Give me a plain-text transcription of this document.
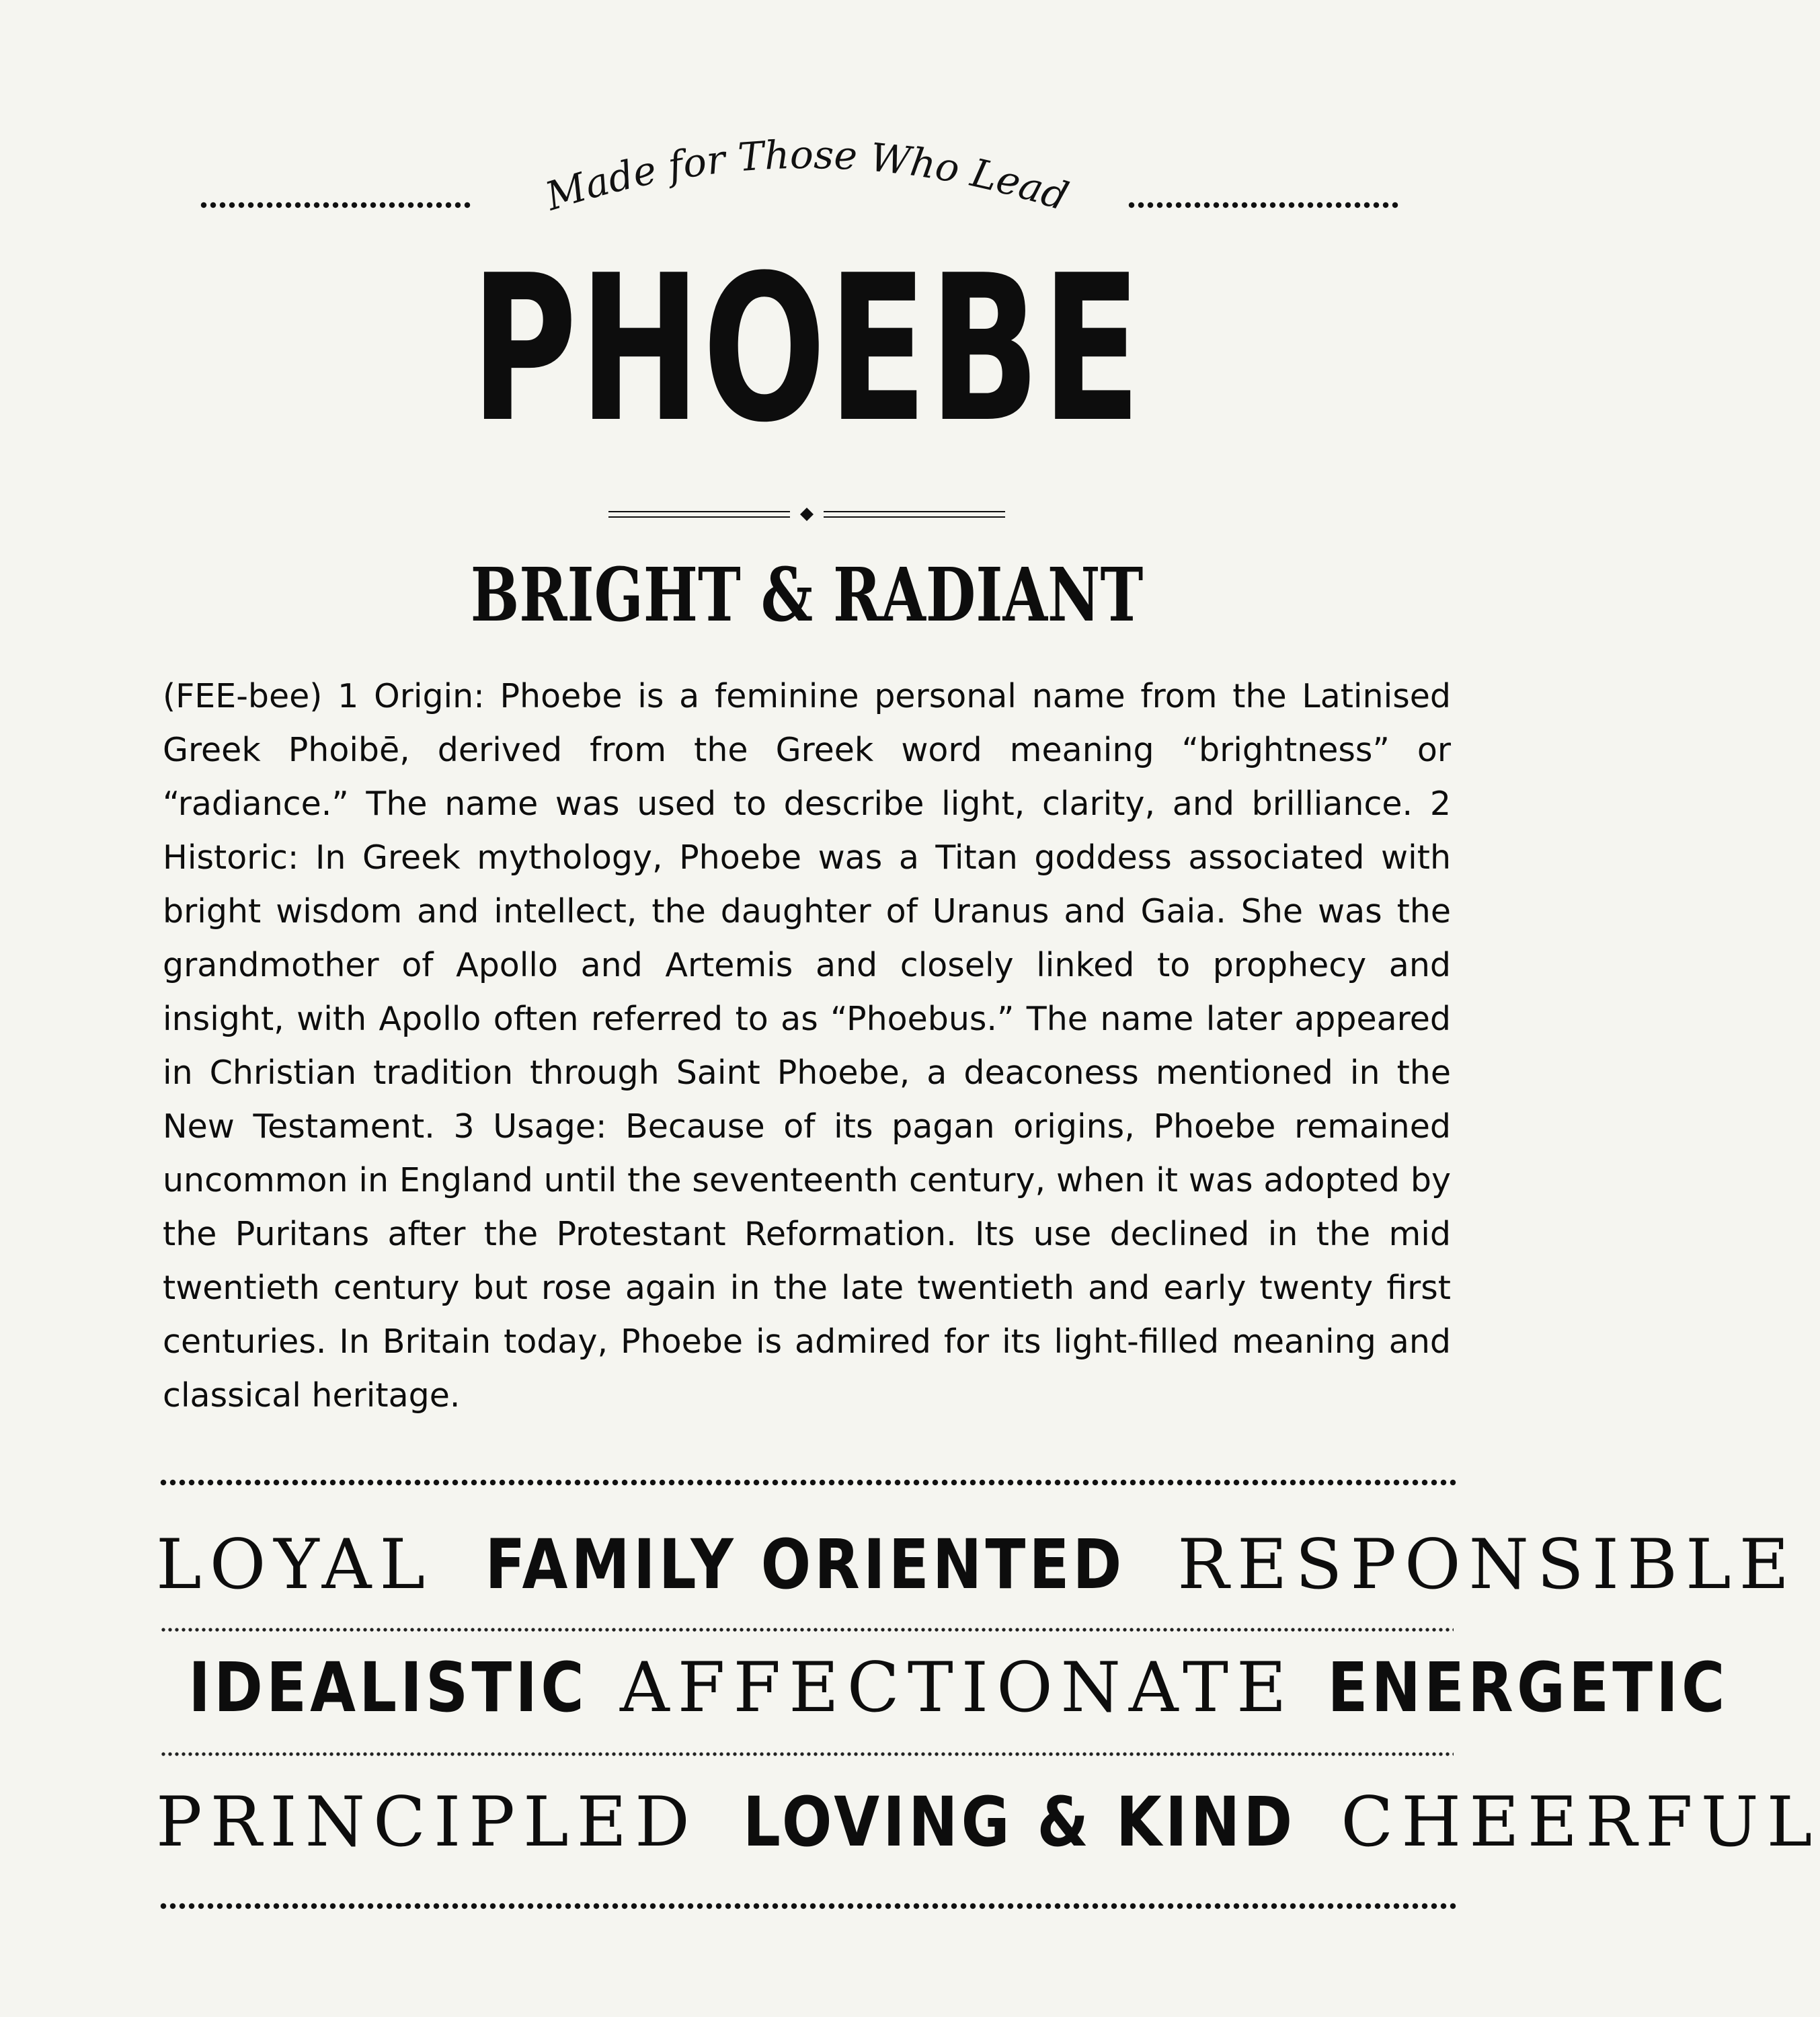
Made for Those Who Lead
PHOEBE
BRIGHT & RADIANT

(FEE-bee) 1 Origin: Phoebe is a feminine personal name from the Latinised Greek Phoibē, derived from the Greek word meaning “brightness” or “radiance.” The name was used to describe light, clarity, and brilliance. 2 Historic: In Greek mythology, Phoebe was a Titan goddess associated with bright wisdom and intellect, the daughter of Uranus and Gaia. She was the grandmother of Apollo and Artemis and closely linked to prophecy and insight, with Apollo often referred to as “Phoebus.” The name later appeared in Christian tradition through Saint Phoebe, a deaconess mentioned in the New Testament. 3 Usage: Because of its pagan origins, Phoebe remained uncommon in England until the seventeenth century, when it was adopted by the Puritans after the Protestant Reformation. Its use declined in the mid twentieth century but rose again in the late twentieth and early twenty first centuries. In Britain today, Phoebe is admired for its light-filled meaning and classical heritage.

LOYAL FAMILY ORIENTED RESPONSIBLE
IDEALISTIC AFFECTIONATE ENERGETIC
PRINCIPLED LOVING & KIND CHEERFUL
